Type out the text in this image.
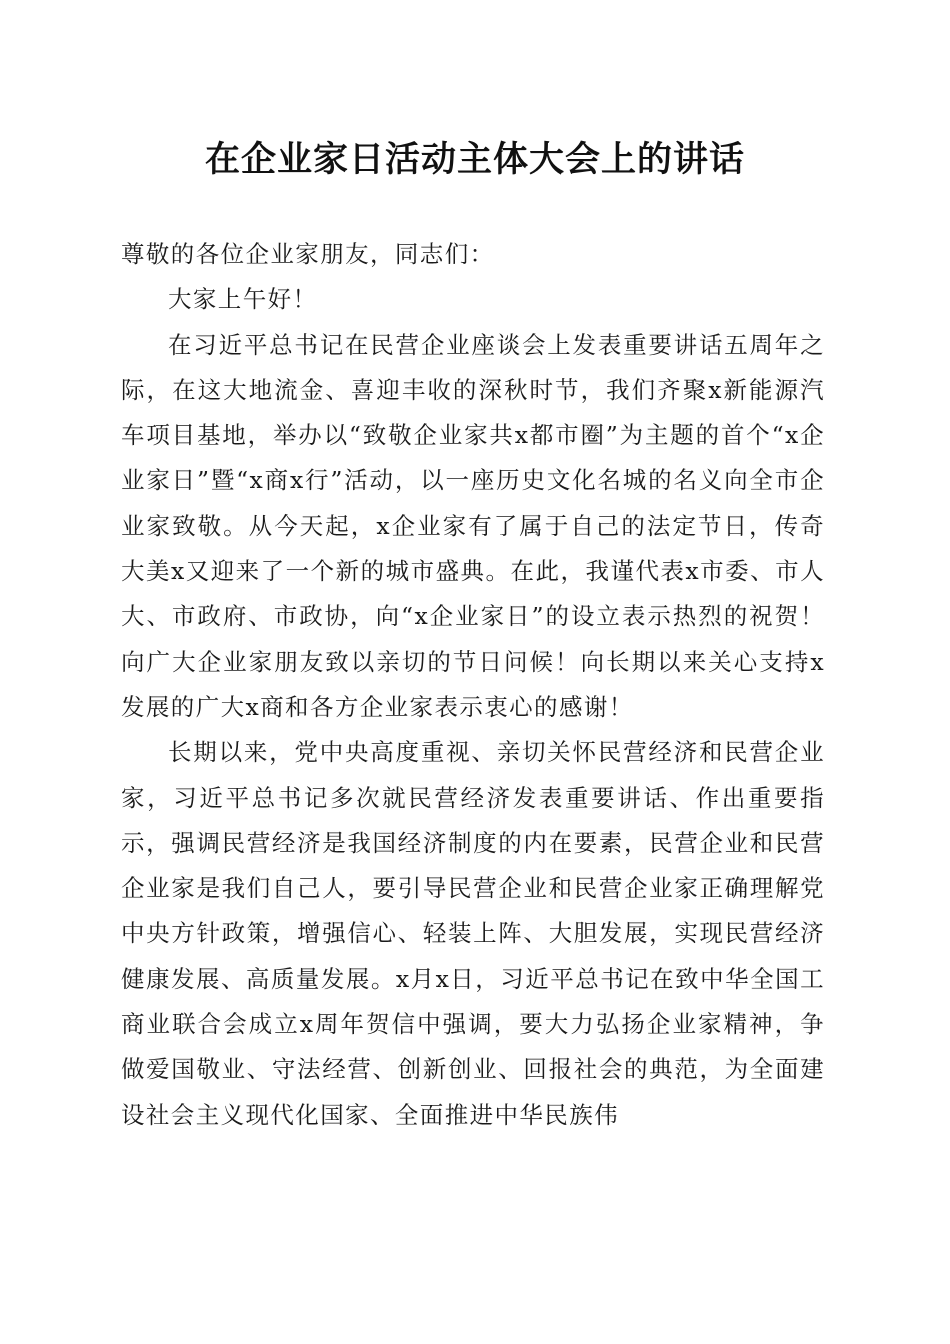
在企业家日活动主体大会上的讲话

尊敬的各位企业家朋友，同志们：

大家上午好！

在习近平总书记在民营企业座谈会上发表重要讲话五周年之际，在这大地流金、喜迎丰收的深秋时节，我们齐聚x新能源汽车项目基地，举办以“致敬企业家共x都市圈”为主题的首个“x企业家日”暨“x商x行”活动，以一座历史文化名城的名义向全市企业家致敬。从今天起，x企业家有了属于自己的法定节日，传奇大美x又迎来了一个新的城市盛典。在此，我谨代表x市委、市人大、市政府、市政协，向“x企业家日”的设立表示热烈的祝贺！向广大企业家朋友致以亲切的节日问候！向长期以来关心支持x发展的广大x商和各方企业家表示衷心的感谢！

长期以来，党中央高度重视、亲切关怀民营经济和民营企业家，习近平总书记多次就民营经济发表重要讲话、作出重要指示，强调民营经济是我国经济制度的内在要素，民营企业和民营企业家是我们自己人，要引导民营企业和民营企业家正确理解党中央方针政策，增强信心、轻装上阵、大胆发展，实现民营经济健康发展、高质量发展。x月x日，习近平总书记在致中华全国工商业联合会成立x周年贺信中强调，要大力弘扬企业家精神，争做爱国敬业、守法经营、创新创业、回报社会的典范，为全面建设社会主义现代化国家、全面推进中华民族伟
